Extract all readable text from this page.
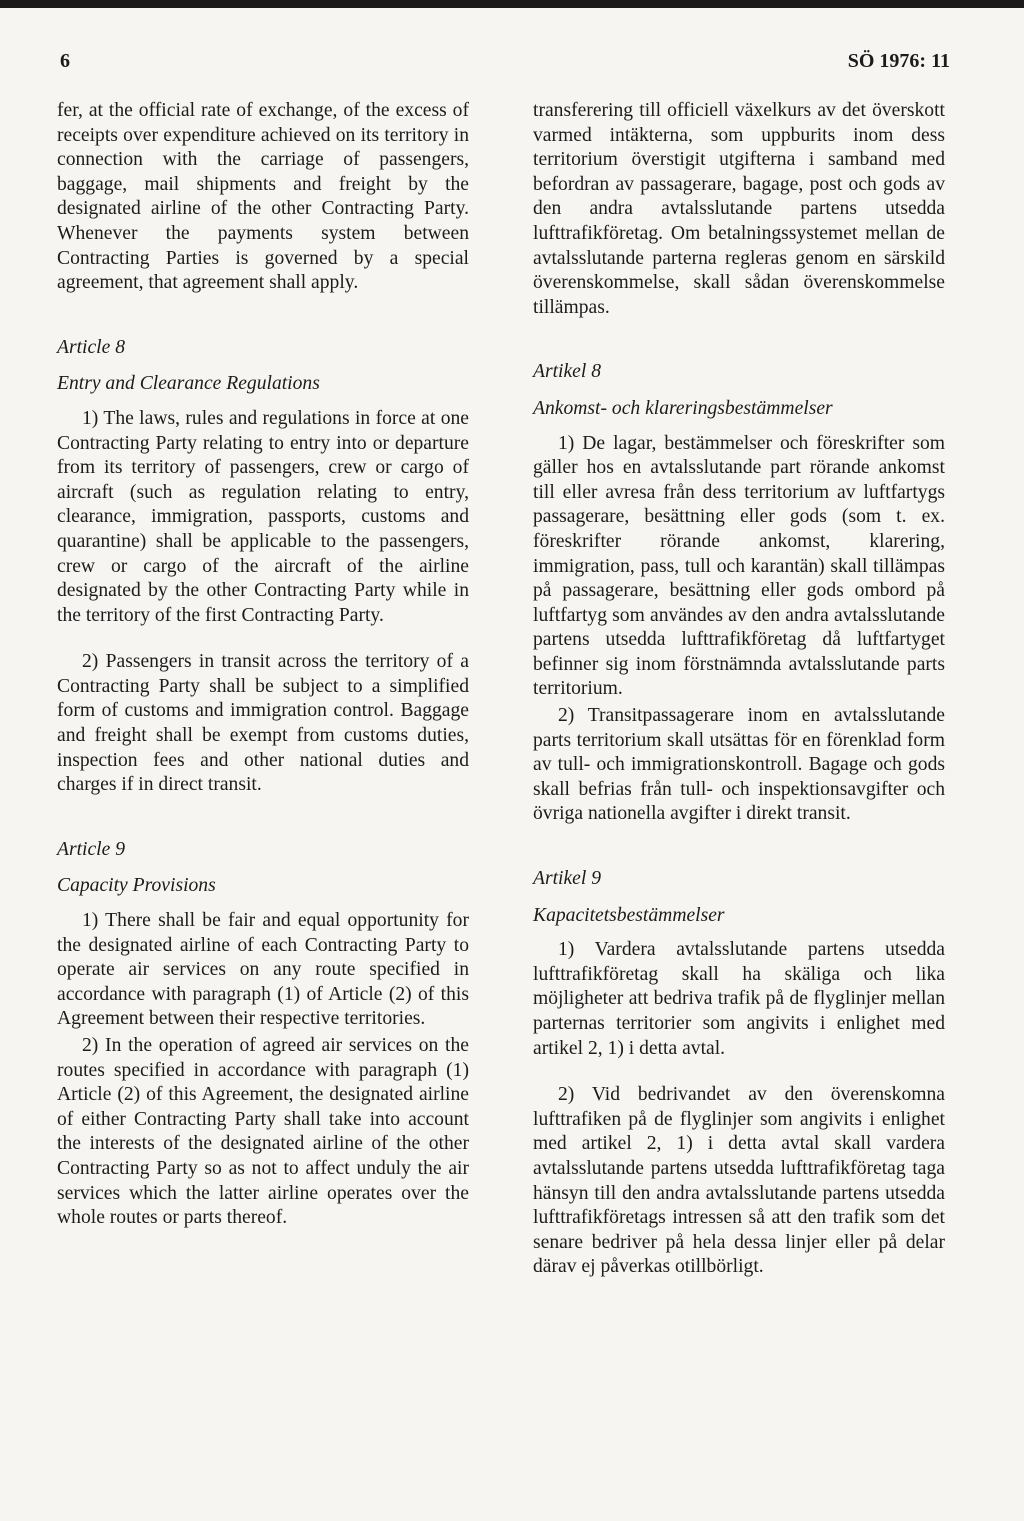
6	SÖ 1976: 11

fer, at the official rate of exchange, of the excess of receipts over expenditure achieved on its territory in connection with the carriage of passengers, baggage, mail shipments and freight by the designated airline of the other Contracting Party. Whenever the payments system between Contracting Parties is governed by a special agreement, that agreement shall apply.

Article 8

Entry and Clearance Regulations

1) The laws, rules and regulations in force at one Contracting Party relating to entry into or departure from its territory of passengers, crew or cargo of aircraft (such as regulation relating to entry, clearance, immigration, passports, customs and quarantine) shall be applicable to the passengers, crew or cargo of the aircraft of the airline designated by the other Contracting Party while in the territory of the first Contracting Party.

2) Passengers in transit across the territory of a Contracting Party shall be subject to a simplified form of customs and immigration control. Baggage and freight shall be exempt from customs duties, inspection fees and other national duties and charges if in direct transit.

Article 9

Capacity Provisions

1) There shall be fair and equal opportunity for the designated airline of each Contracting Party to operate air services on any route specified in accordance with paragraph (1) of Article (2) of this Agreement between their respective territories.

2) In the operation of agreed air services on the routes specified in accordance with paragraph (1) Article (2) of this Agreement, the designated airline of either Contracting Party shall take into account the interests of the designated airline of the other Contracting Party so as not to affect unduly the air services which the latter airline operates over the whole routes or parts thereof.

transferering till officiell växelkurs av det överskott varmed intäkterna, som uppburits inom dess territorium överstigit utgifterna i samband med befordran av passagerare, bagage, post och gods av den andra avtalsslutande partens utsedda lufttrafikföretag. Om betalningssystemet mellan de avtalsslutande parterna regleras genom en särskild överenskommelse, skall sådan överenskommelse tillämpas.

Artikel 8

Ankomst- och klareringsbestämmelser

1) De lagar, bestämmelser och föreskrifter som gäller hos en avtalsslutande part rörande ankomst till eller avresa från dess territorium av luftfartygs passagerare, besättning eller gods (som t. ex. föreskrifter rörande ankomst, klarering, immigration, pass, tull och karantän) skall tillämpas på passagerare, besättning eller gods ombord på luftfartyg som användes av den andra avtalsslutande partens utsedda lufttrafikföretag då luftfartyget befinner sig inom förstnämnda avtalsslutande parts territorium.

2) Transitpassagerare inom en avtalsslutande parts territorium skall utsättas för en förenklad form av tull- och immigrationskontroll. Bagage och gods skall befrias från tull- och inspektionsavgifter och övriga nationella avgifter i direkt transit.

Artikel 9

Kapacitetsbestämmelser

1) Vardera avtalsslutande partens utsedda lufttrafikföretag skall ha skäliga och lika möjligheter att bedriva trafik på de flyglinjer mellan parternas territorier som angivits i enlighet med artikel 2, 1) i detta avtal.

2) Vid bedrivandet av den överenskomna lufttrafiken på de flyglinjer som angivits i enlighet med artikel 2, 1) i detta avtal skall vardera avtalsslutande partens utsedda lufttrafikföretag taga hänsyn till den andra avtalsslutande partens utsedda lufttrafikföretags intressen så att den trafik som det senare bedriver på hela dessa linjer eller på delar därav ej påverkas otillbörligt.
